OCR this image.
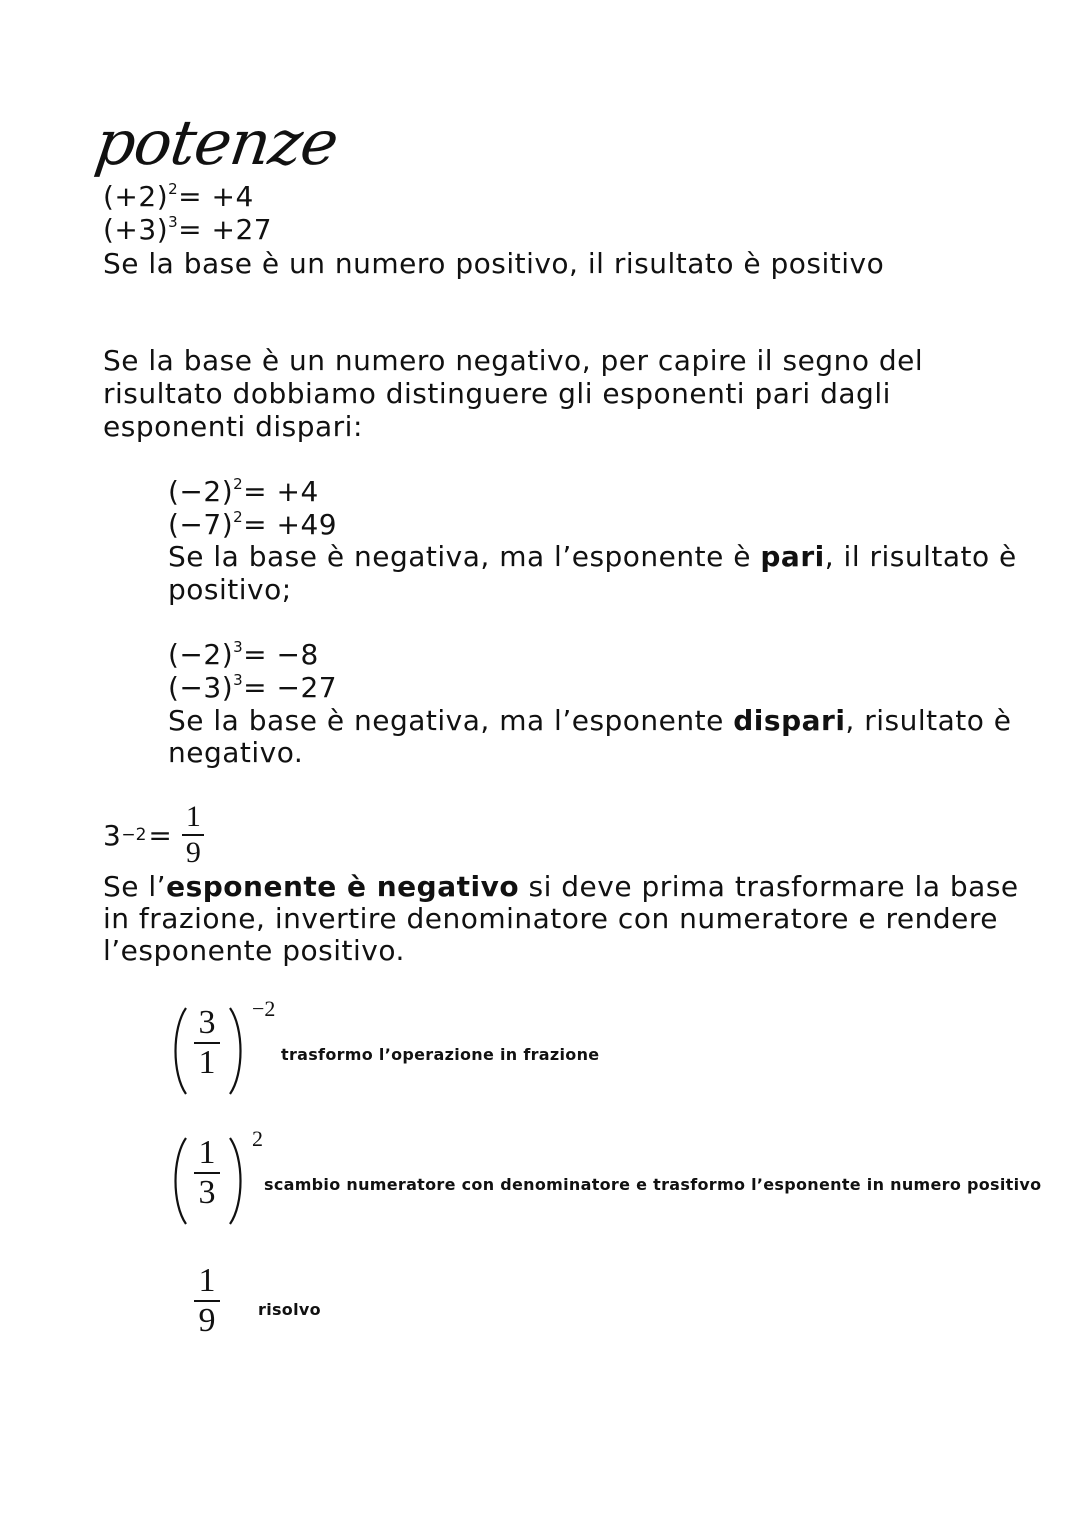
potenze
$(+2)^2= +4$
$(+3)^3= +27$
Se la base è un numero positivo, il risultato è positivo
Se la base è un numero negativo, per capire il segno del
risultato dobbiamo distinguere gli esponenti pari dagli
esponenti dispari:
$(-2)^2= +4$
$(-7)^2= +49$
Se la base è negativa, ma l’esponente è pari, il risultato è
positivo;
$(-2)^3= -8$
$(-3)^3= -27$
Se la base è negativa, ma l’esponente dispari, risultato è
negativo.
$3 -2 = \frac{1}{9}$
Se l’esponente è negativo si deve prima trasformare la base
in frazione, invertire denominatore con numeratore e rendere
l’esponente positivo.
3
1
−2
trasformo l’operazione in frazione
1
3
2
scambio numeratore con denominatore e trasformo l’esponente in numero positivo
1
9	risolvo
